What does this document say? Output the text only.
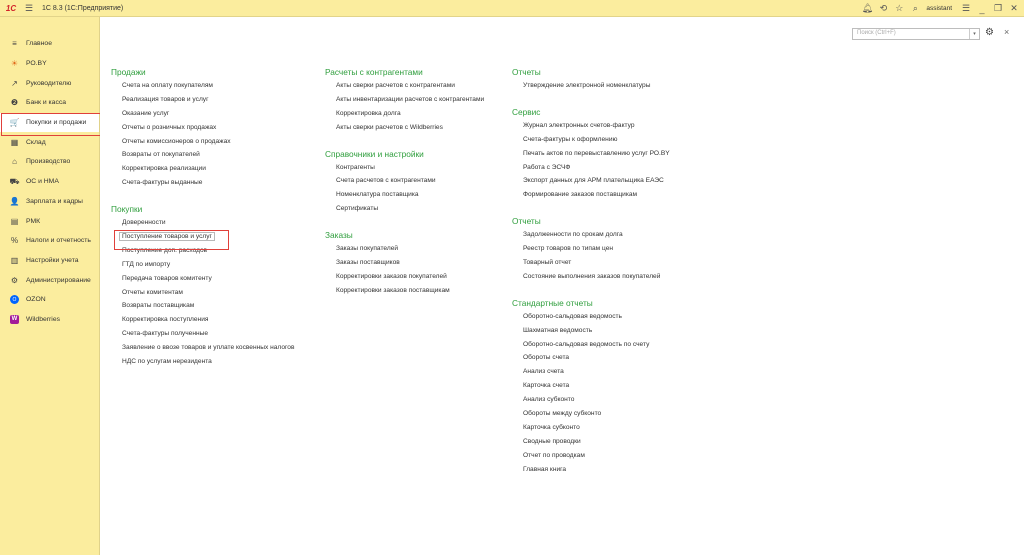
1С ☰	1С 8.3 (1С:Предприятие)	🔔︎ ⟲ ☆	⌕	assistant ☰	_	❐ ✕
≡	Главное
☀ РО.BY
↗	Руководителю
❷ Банк и касса
🛒 Покупки и продажи
▦ Склад
⌂	Производство
⛟ ОС и НМА
👤 Зарплата и кадры
▤ РМК
% Налоги и отчетность
▥ Настройки учета
⚙ Администрирование
O	OZON
W Wildberries
Поиск (Ctrl+F)	▾ ⚙ ×
Продажи
Счета на оплату покупателям
Реализация товаров и услуг
Оказание услуг
Отчеты о розничных продажах
Отчеты комиссионеров о продажах
Возвраты от покупателей
Корректировка реализации
Счета-фактуры выданные
Покупки
Доверенности
Поступление товаров и услуг
Поступление доп. расходов
ГТД по импорту
Передача товаров комитенту
Отчеты комитентам
Возвраты поставщикам
Корректировка поступления
Счета-фактуры полученные
Заявление о ввозе товаров и уплате косвенных налогов
НДС по услугам нерезидента
Расчеты с контрагентами
Акты сверки расчетов с контрагентами
Акты инвентаризации расчетов с контрагентами
Корректировка долга
Акты сверки расчетов с Wildberries
Справочники и настройки
Контрагенты
Счета расчетов с контрагентами
Номенклатура поставщика
Сертификаты
Заказы
Заказы покупателей
Заказы поставщиков
Корректировки заказов покупателей
Корректировки заказов поставщикам
Отчеты
Утверждение электронной номенклатуры
Сервис
Журнал электронных счетов-фактур
Счета-фактуры к оформлению
Печать актов по перевыставлению услуг РО.BY
Работа с ЭСЧФ
Экспорт данных для АРМ плательщика ЕАЭС
Формирование заказов поставщикам
Отчеты
Задолженности по срокам долга
Реестр товаров по типам цен
Товарный отчет
Состояние выполнения заказов покупателей
Стандартные отчеты
Оборотно-сальдовая ведомость
Шахматная ведомость
Оборотно-сальдовая ведомость по счету
Обороты счета
Анализ счета
Карточка счета
Анализ субконто
Обороты между субконто
Карточка субконто
Сводные проводки
Отчет по проводкам
Главная книга
